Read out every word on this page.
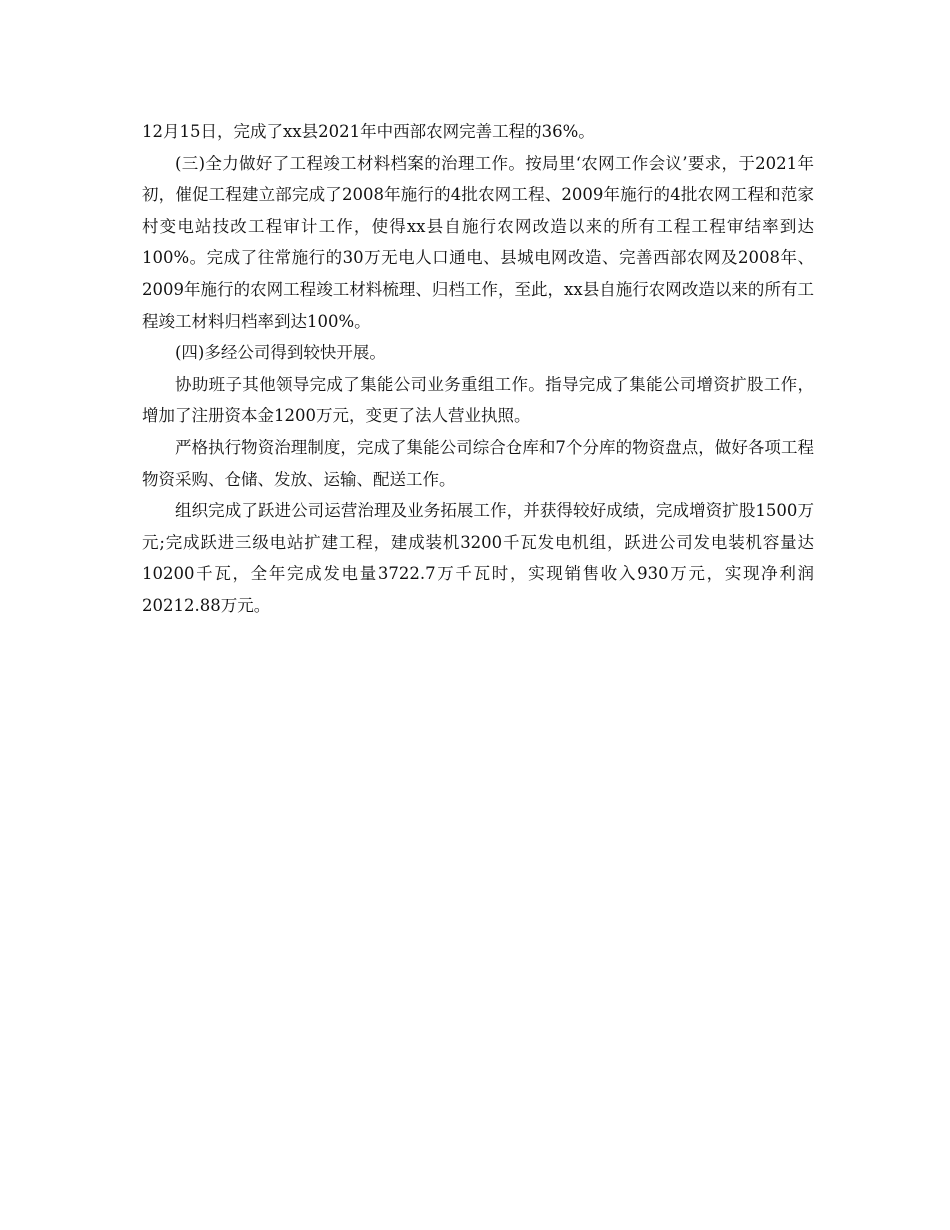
12月15日，完成了xx县2021年中西部农网完善工程的36%。

(三)全力做好了工程竣工材料档案的治理工作。按局里‘农网工作会议’要求，于2021年初，催促工程建立部完成了2008年施行的4批农网工程、2009年施行的4批农网工程和范家村变电站技改工程审计工作，使得xx县自施行农网改造以来的所有工程工程审结率到达100%。完成了往常施行的30万无电人口通电、县城电网改造、完善西部农网及2008年、2009年施行的农网工程竣工材料梳理、归档工作，至此，xx县自施行农网改造以来的所有工程竣工材料归档率到达100%。

(四)多经公司得到较快开展。

协助班子其他领导完成了集能公司业务重组工作。指导完成了集能公司增资扩股工作，增加了注册资本金1200万元，变更了法人营业执照。

严格执行物资治理制度，完成了集能公司综合仓库和7个分库的物资盘点，做好各项工程物资采购、仓储、发放、运输、配送工作。

组织完成了跃进公司运营治理及业务拓展工作，并获得较好成绩，完成增资扩股1500万元;完成跃进三级电站扩建工程，建成装机3200千瓦发电机组，跃进公司发电装机容量达10200千瓦，全年完成发电量3722.7万千瓦时，实现销售收入930万元，实现净利润20212.88万元。
